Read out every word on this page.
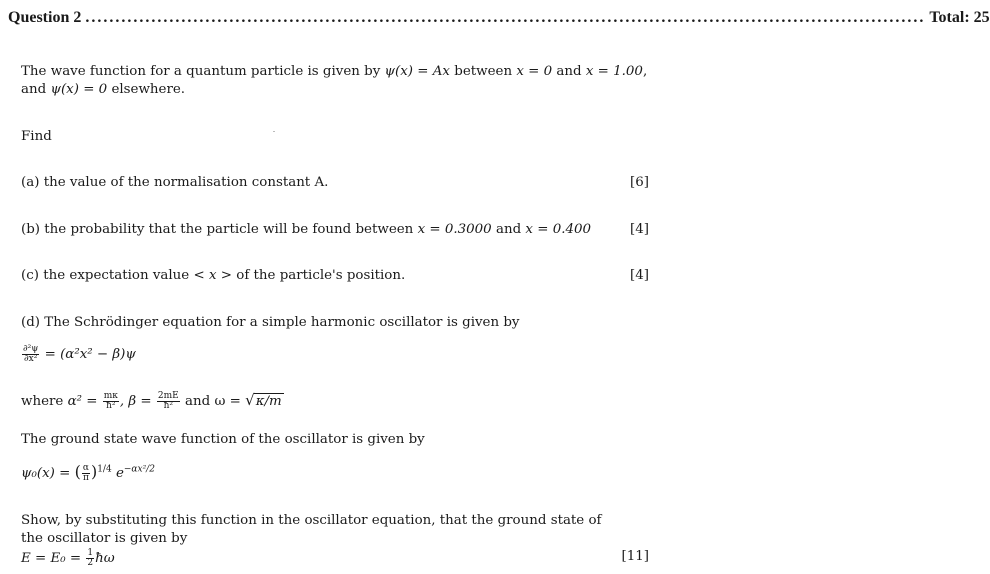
Question 2 ............................................................................................................................................ Total: 25
The wave function for a quantum particle is given by ψ(x) = Ax between x = 0 and x = 1.00,
and ψ(x) = 0 elsewhere.
Find
(a) the value of the normalisation constant A.	[6]
(b) the probability that the particle will be found between x = 0.3000 and x = 0.400	[4]
(c) the expectation value < x > of the particle's position.	[4]
(d) The Schrödinger equation for a simple harmonic oscillator is given by
$\frac{\text{∂²ψ}}{\text{∂x²}} = (\alpha^2x^2 - \beta)\psi$
where $\alpha^2 = \frac{m\kappa}{\text{ħ²}}$ , $\beta = \frac{2mE}{\text{ħ²}}$ and ω = √κ/m
The ground state wave function of the oscillator is given by
ψ₀(x) = ( $\frac{\alpha}{\pi} )^{1/4}$ $e^{-\alpha x^2/2}$
Show, by substituting this function in the oscillator equation, that the ground state of
the oscillator is given by
$E = E_0 = \frac{1}{2}$ ħω	[11]
